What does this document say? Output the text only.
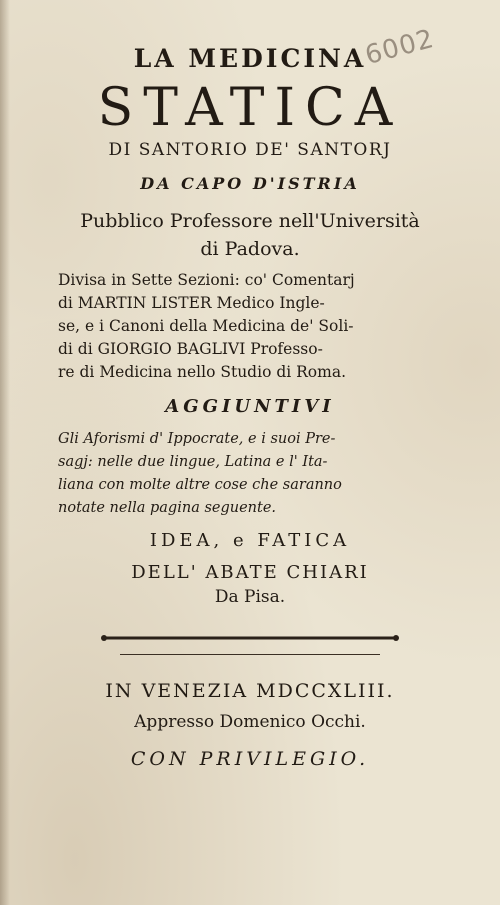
6002

LA MEDICINA

STATICA

DI SANTORIO DE' SANTORJ

DA CAPO D'ISTRIA

Pubblico Professore nell'Università

di Padova.

Divisa in Sette Sezioni: co' Comentarj

di MARTIN LISTER Medico Ingle-

se, e i Canoni della Medicina de' Soli-

di di GIORGIO BAGLIVI Professo-

re di Medicina nello Studio di Roma.

AGGIUNTIVI

Gli Aforismi d' Ippocrate, e i suoi Pre-

sagj: nelle due lingue, Latina e l' Ita-

liana con molte altre cose che saranno

notate nella pagina seguente.

IDEA, e FATICA

DELL' ABATE CHIARI

Da Pisa.

IN VENEZIA MDCCXLIII.

Appresso Domenico Occhi.

CON PRIVILEGIO.
